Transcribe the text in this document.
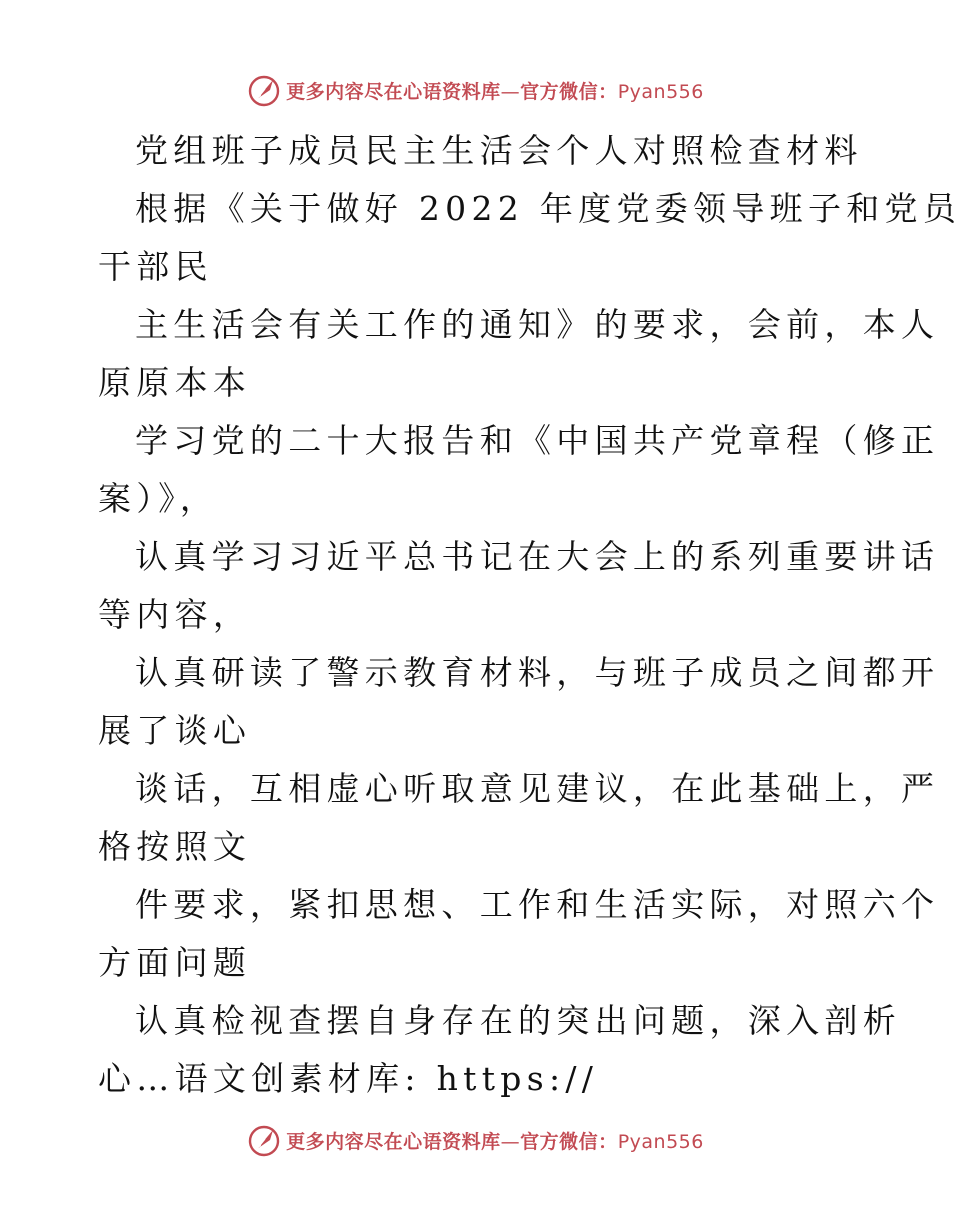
更多内容尽在心语资料库—官方微信：Pyan556
党组班子成员民主生活会个人对照检查材料
根据《关于做好 2022 年度党委领导班子和党员
干部民
主生活会有关工作的通知》的要求，会前，本人
原原本本
学习党的二十大报告和《中国共产党章程（修正
案）》，
认真学习习近平总书记在大会上的系列重要讲话
等内容，
认真研读了警示教育材料，与班子成员之间都开
展了谈心
谈话，互相虚心听取意见建议，在此基础上，严
格按照文
件要求，紧扣思想、工作和生活实际，对照六个
方面问题
认真检视查摆自身存在的突出问题，深入剖析
心…语文创素材库: https://
更多内容尽在心语资料库—官方微信：Pyan556
